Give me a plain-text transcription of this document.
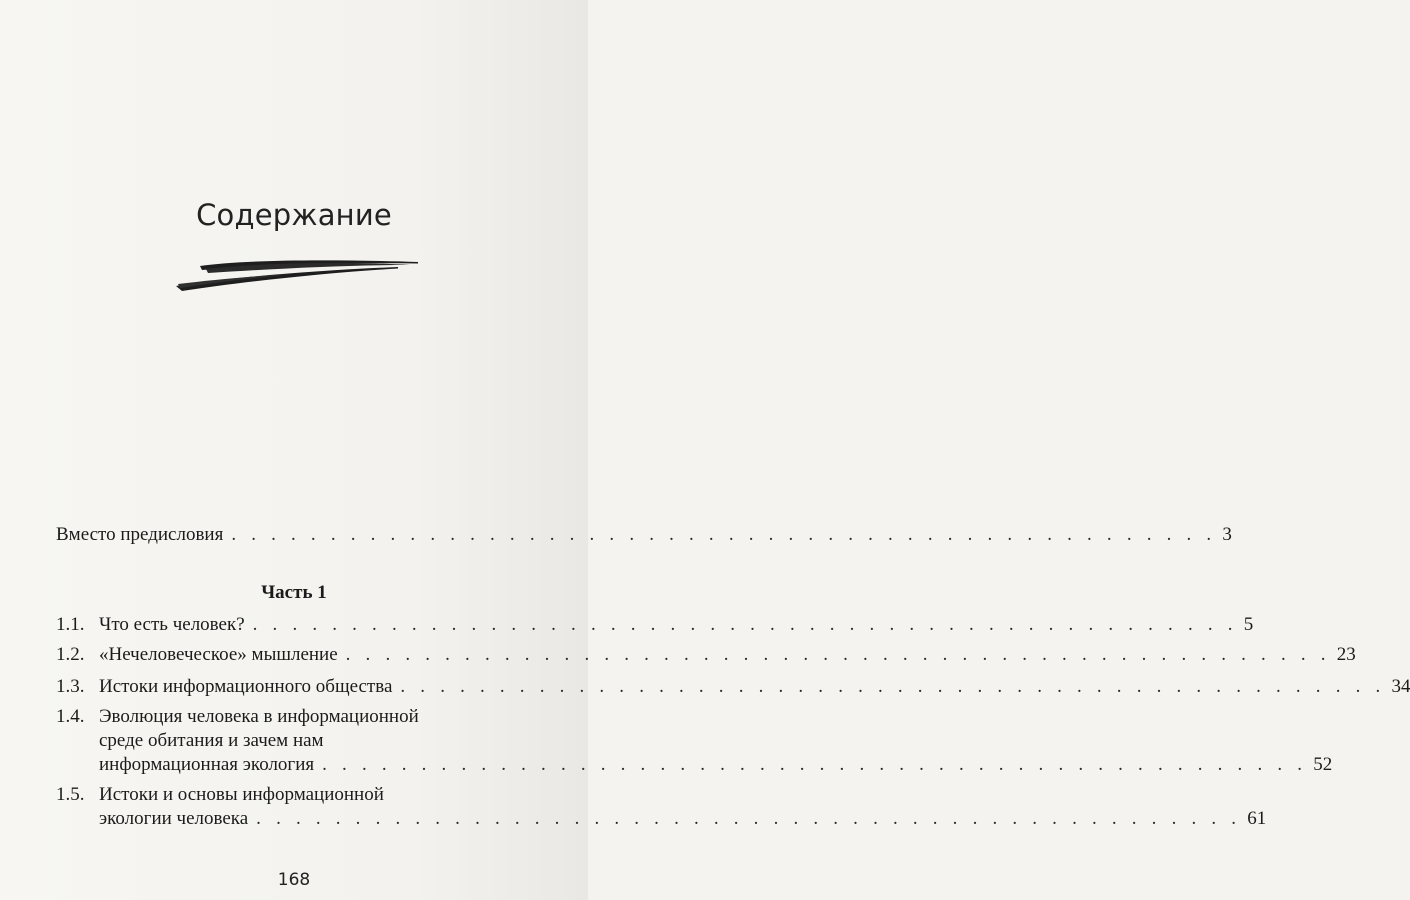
Содержание
Вместо предисловия . . . . . . . . . . . . . . . . . . . . . . . . . . . . . . . . . . . . . . . . . . . . . . . . . . 3
Часть 1
1.1. Что есть человек? . . . . . . . . . . . . . . . . . . . . . . . . . . . . . . . . . . . . . . . . . . . . . . . . . . 5
1.2. «Нечеловеческое» мышление . . . . . . . . . . . . . . . . . . . . . . . . . . . . . . . . . . . . . . . . . . . . . . . . . . 23
1.3. Истоки информационного общества . . . . . . . . . . . . . . . . . . . . . . . . . . . . . . . . . . . . . . . . . . . . . . . . . . 34
1.4. Эволюция человека в информационной
среде обитания и зачем нам
информационная экология . . . . . . . . . . . . . . . . . . . . . . . . . . . . . . . . . . . . . . . . . . . . . . . . . . 52
1.5. Истоки и основы информационной
экологии человека . . . . . . . . . . . . . . . . . . . . . . . . . . . . . . . . . . . . . . . . . . . . . . . . . . 61
168
